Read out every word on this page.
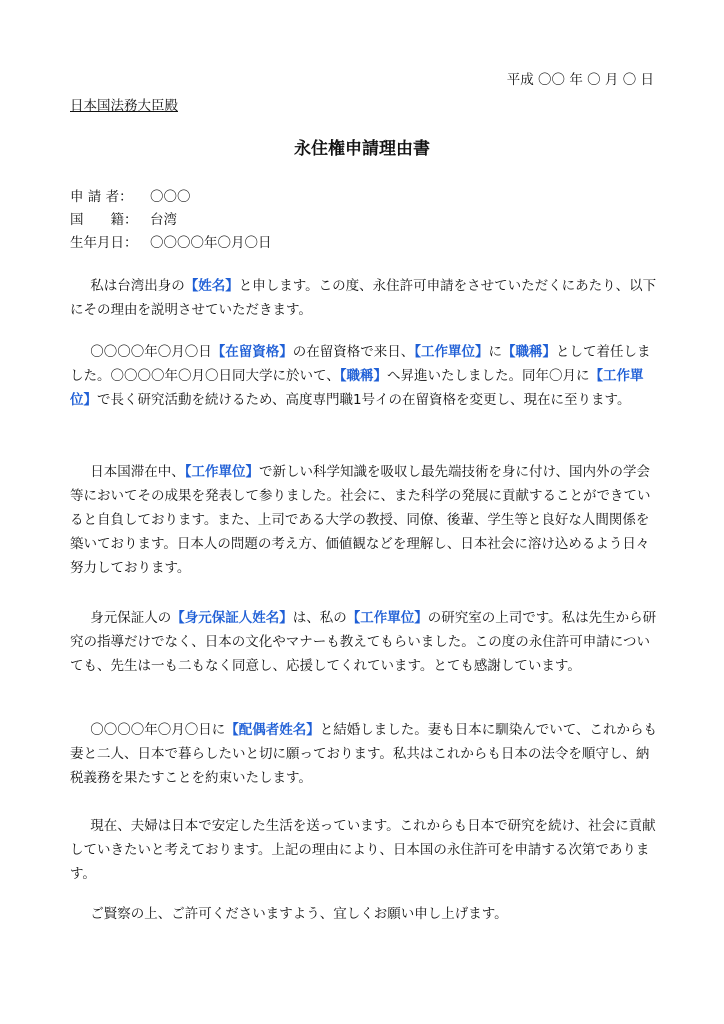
平成 〇〇 年 〇 月 〇 日
日本国法務大臣殿
永住権申請理由書
申 請 者： 〇〇〇
国　　籍： 台湾
生年月日： 〇〇〇〇年〇月〇日

私は台湾出身の【姓名】と申します。この度、永住許可申請をさせていただくにあたり、以下にその理由を説明させていただきます。

〇〇〇〇年〇月〇日【在留資格】の在留資格で来日、【工作單位】に【職稱】として着任しました。〇〇〇〇年〇月〇日同大学に於いて、【職稱】へ昇進いたしました。同年〇月に【工作單位】で長く研究活動を続けるため、高度専門職1号イの在留資格を変更し、現在に至ります。

日本国滞在中、【工作單位】で新しい科学知識を吸収し最先端技術を身に付け、国内外の学会等においてその成果を発表して参りました。社会に、また科学の発展に貢献することができていると自負しております。また、上司である大学の教授、同僚、後輩、学生等と良好な人間関係を築いております。日本人の問題の考え方、価値観などを理解し、日本社会に溶け込めるよう日々努力しております。

身元保証人の【身元保証人姓名】は、私の【工作單位】の研究室の上司です。私は先生から研究の指導だけでなく、日本の文化やマナーも教えてもらいました。この度の永住許可申請についても、先生は一も二もなく同意し、応援してくれています。とても感謝しています。

〇〇〇〇年〇月〇日に【配偶者姓名】と結婚しました。妻も日本に馴染んでいて、これからも妻と二人、日本で暮らしたいと切に願っております。私共はこれからも日本の法令を順守し、納税義務を果たすことを約束いたします。

現在、夫婦は日本で安定した生活を送っています。これからも日本で研究を続け、社会に貢献していきたいと考えております。上記の理由により、日本国の永住許可を申請する次第であります。

ご賢察の上、ご許可くださいますよう、宜しくお願い申し上げます。
